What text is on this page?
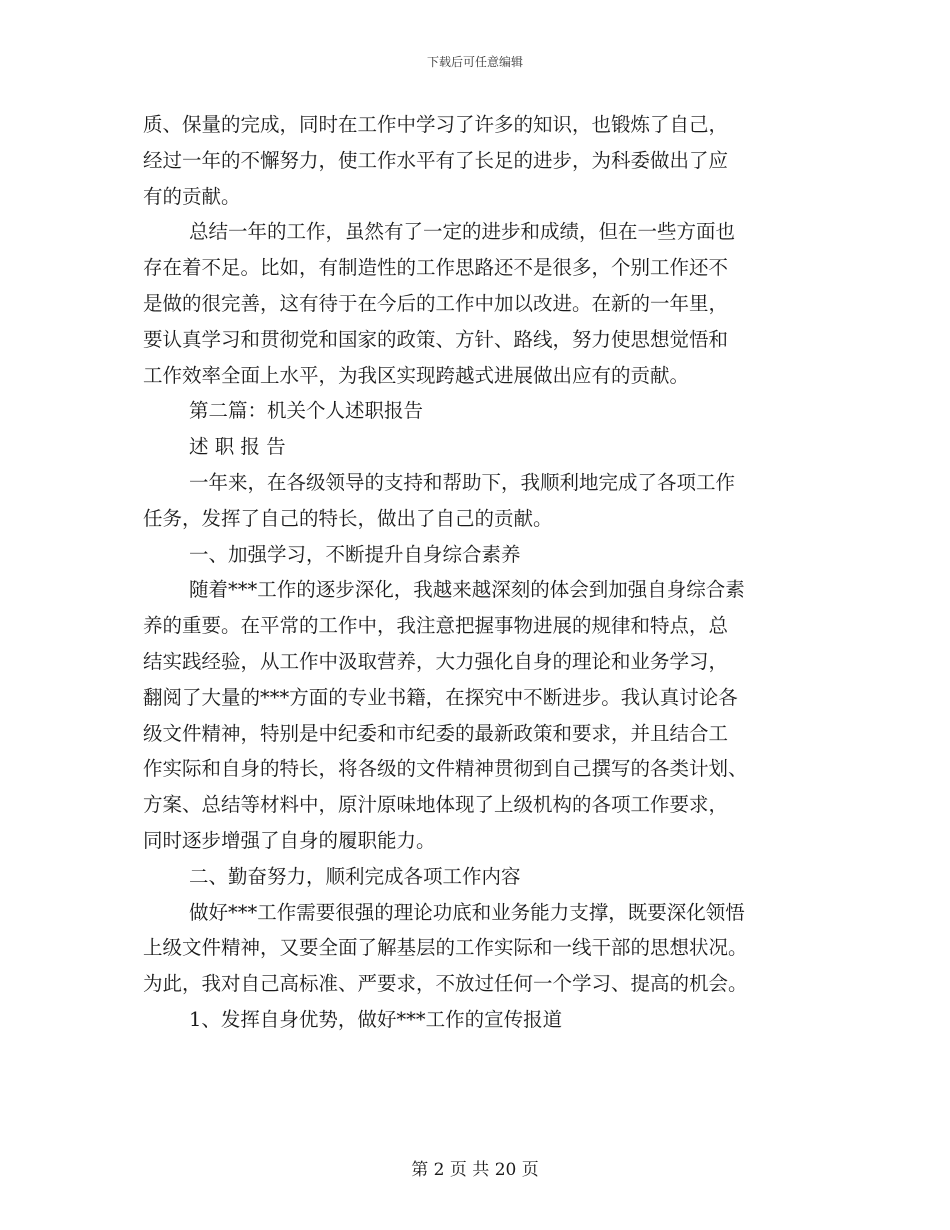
下载后可任意编辑

质、保量的完成，同时在工作中学习了许多的知识，也锻炼了自己，
经过一年的不懈努力，使工作水平有了长足的进步，为科委做出了应
有的贡献。

总结一年的工作，虽然有了一定的进步和成绩，但在一些方面也
存在着不足。比如，有制造性的工作思路还不是很多，个别工作还不
是做的很完善，这有待于在今后的工作中加以改进。在新的一年里，
要认真学习和贯彻党和国家的政策、方针、路线，努力使思想觉悟和
工作效率全面上水平，为我区实现跨越式进展做出应有的贡献。

第二篇：机关个人述职报告

述 职 报 告

一年来，在各级领导的支持和帮助下，我顺利地完成了各项工作
任务，发挥了自己的特长，做出了自己的贡献。

一、加强学习，不断提升自身综合素养

随着***工作的逐步深化，我越来越深刻的体会到加强自身综合素
养的重要。在平常的工作中，我注意把握事物进展的规律和特点，总
结实践经验，从工作中汲取营养，大力强化自身的理论和业务学习，
翻阅了大量的***方面的专业书籍，在探究中不断进步。我认真讨论各
级文件精神，特别是中纪委和市纪委的最新政策和要求，并且结合工
作实际和自身的特长，将各级的文件精神贯彻到自己撰写的各类计划、
方案、总结等材料中，原汁原味地体现了上级机构的各项工作要求，
同时逐步增强了自身的履职能力。

二、勤奋努力，顺利完成各项工作内容

做好***工作需要很强的理论功底和业务能力支撑，既要深化领悟
上级文件精神，又要全面了解基层的工作实际和一线干部的思想状况。
为此，我对自己高标准、严要求，不放过任何一个学习、提高的机会。

1、发挥自身优势，做好***工作的宣传报道

第 2 页 共 20 页
